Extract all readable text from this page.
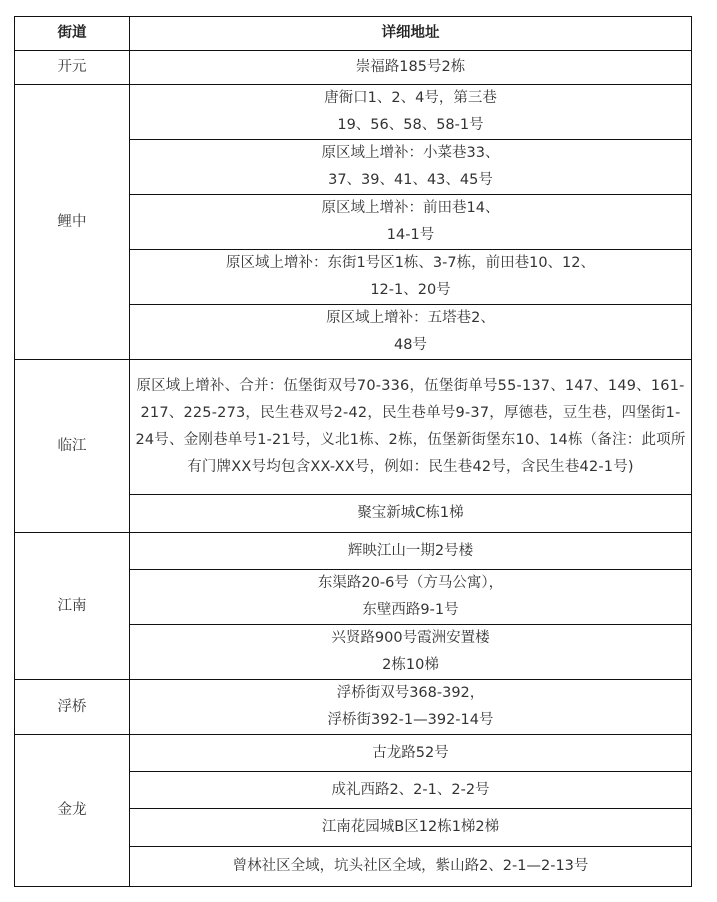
街道	详细地址
开元	崇福路185号2栋

鲤中	唐衙口1、2、4号，第三巷
19、56、58、58-1号

	原区域上增补：小菜巷33、
37、39、41、43、45号

	原区域上增补：前田巷14、
14-1号

	原区域上增补：东街1号区1栋、3-7栋，前田巷10、12、
12-1、20号

	原区域上增补：五塔巷2、
48号

临江	原区域上增补、合并：伍堡街双号70-336，伍堡街单号55-137、147、149、161-217、225-273，民生巷双号2-42，民生巷单号9-37，厚德巷，豆生巷，四堡街1-24号、金刚巷单号1-21号，义北1栋、2栋，伍堡新街堡东10、14栋（备注：此项所有门牌XX号均包含XX-XX号，例如：民生巷42号，含民生巷42-1号)

	聚宝新城C栋1梯

江南	辉映江山一期2号楼

	东渠路20-6号（方马公寓），
东壁西路9-1号

	兴贤路900号霞洲安置楼
2栋10梯

浮桥	浮桥街双号368-392，
浮桥街392-1—392-14号

金龙	古龙路52号

	成礼西路2、2-1、2-2号

	江南花园城B区12栋1梯2梯

	曾林社区全域，坑头社区全域，紫山路2、2-1—2-13号
